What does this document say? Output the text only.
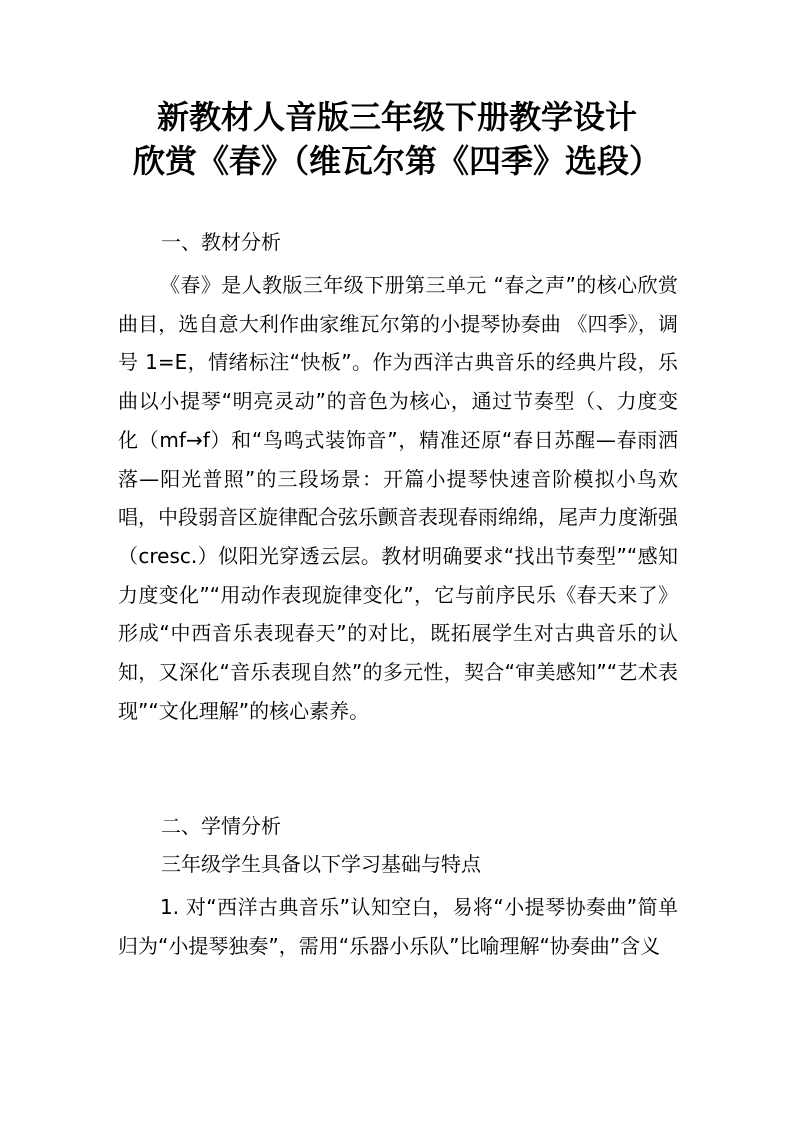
新教材人音版三年级下册教学设计
欣赏《春》（维瓦尔第《四季》选段）
一、教材分析
《春》是人教版三年级下册第三单元 “春之声”的核心欣赏曲目，选自意大利作曲家维瓦尔第的小提琴协奏曲 《四季》，调号 1=E，情绪标注“快板”。作为西洋古典音乐的经典片段，乐曲以小提琴“明亮灵动”的音色为核心，通过节奏型（、力度变化（mf→f）和“鸟鸣式装饰音”，精准还原“春日苏醒—春雨洒落—阳光普照”的三段场景：开篇小提琴快速音阶模拟小鸟欢唱，中段弱音区旋律配合弦乐颤音表现春雨绵绵，尾声力度渐强（cresc.）似阳光穿透云层。教材明确要求“找出节奏型”“感知力度变化”“用动作表现旋律变化”，它与前序民乐《春天来了》形成“中西音乐表现春天”的对比，既拓展学生对古典音乐的认知，又深化“音乐表现自然”的多元性，契合“审美感知”“艺术表现”“文化理解”的核心素养。
二、学情分析
三年级学生具备以下学习基础与特点
1. 对“西洋古典音乐”认知空白，易将“小提琴协奏曲”简单归为“小提琴独奏”，需用“乐器小乐队”比喻理解“协奏曲”含义
